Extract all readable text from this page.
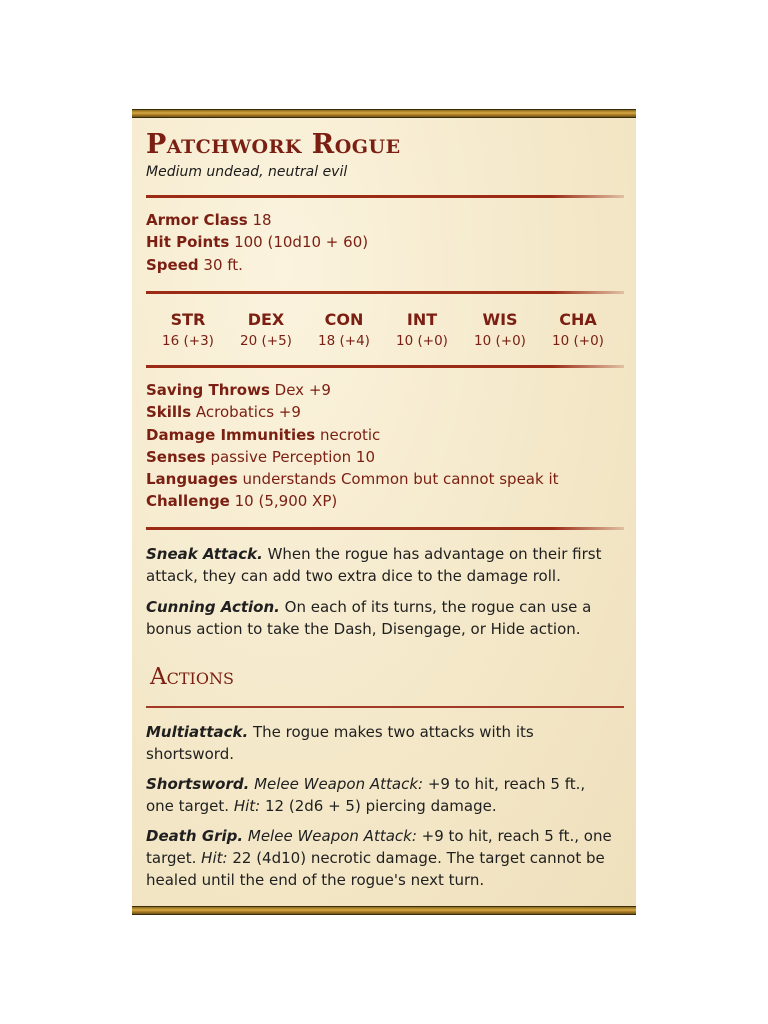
Patchwork Rogue
Medium undead, neutral evil
Armor Class 18
Hit Points 100 (10d10 + 60)
Speed 30 ft.
STR
16 (+3)
DEX
20 (+5)
CON
18 (+4)
INT
10 (+0)
WIS
10 (+0)
CHA
10 (+0)
Saving Throws Dex +9
Skills Acrobatics +9
Damage Immunities necrotic
Senses passive Perception 10
Languages understands Common but cannot speak it
Challenge 10 (5,900 XP)
Sneak Attack. When the rogue has advantage on their first attack, they can add two extra dice to the damage roll.
Cunning Action. On each of its turns, the rogue can use a bonus action to take the Dash, Disengage, or Hide action.
Actions
Multiattack. The rogue makes two attacks with its shortsword.
Shortsword. Melee Weapon Attack: +9 to hit, reach 5 ft., one target. Hit: 12 (2d6 + 5) piercing damage.
Death Grip. Melee Weapon Attack: +9 to hit, reach 5 ft., one target. Hit: 22 (4d10) necrotic damage. The target cannot be healed until the end of the rogue's next turn.
